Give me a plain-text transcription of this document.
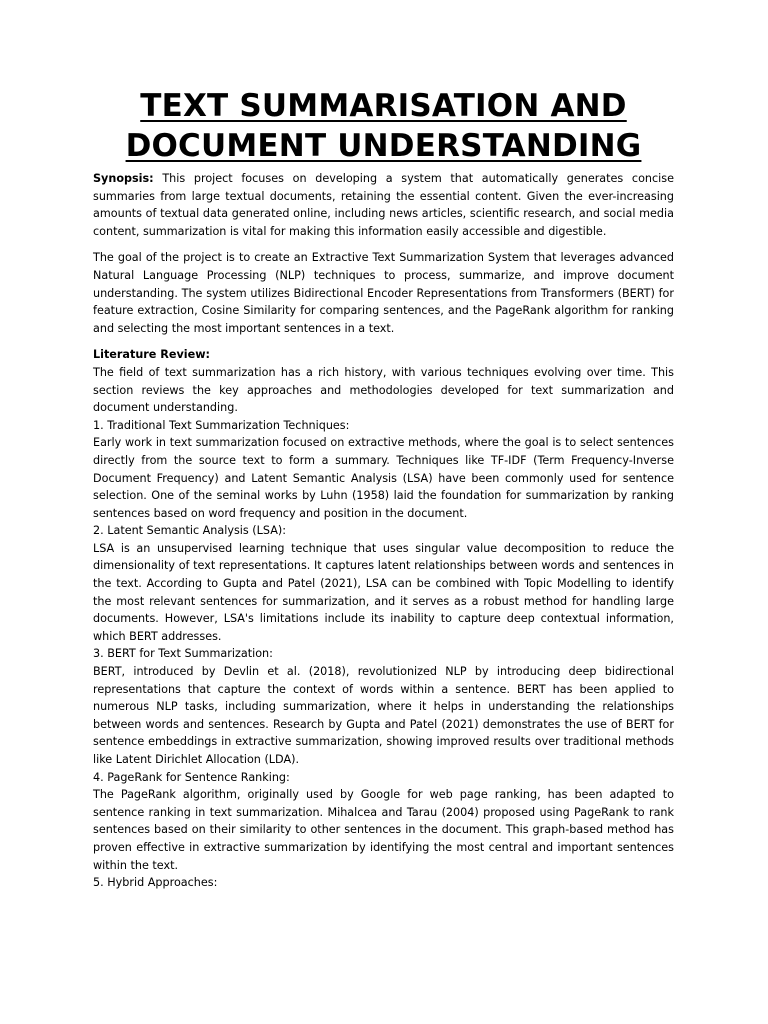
TEXT SUMMARISATION AND DOCUMENT UNDERSTANDING

Synopsis: This project focuses on developing a system that automatically generates concise summaries from large textual documents, retaining the essential content. Given the ever-increasing amounts of textual data generated online, including news articles, scientific research, and social media content, summarization is vital for making this information easily accessible and digestible.

The goal of the project is to create an Extractive Text Summarization System that leverages advanced Natural Language Processing (NLP) techniques to process, summarize, and improve document understanding. The system utilizes Bidirectional Encoder Representations from Transformers (BERT) for feature extraction, Cosine Similarity for comparing sentences, and the PageRank algorithm for ranking and selecting the most important sentences in a text.

Literature Review:

The field of text summarization has a rich history, with various techniques evolving over time. This section reviews the key approaches and methodologies developed for text summarization and document understanding.

1. Traditional Text Summarization Techniques:

Early work in text summarization focused on extractive methods, where the goal is to select sentences directly from the source text to form a summary. Techniques like TF-IDF (Term Frequency-Inverse Document Frequency) and Latent Semantic Analysis (LSA) have been commonly used for sentence selection. One of the seminal works by Luhn (1958) laid the foundation for summarization by ranking sentences based on word frequency and position in the document.

2. Latent Semantic Analysis (LSA):

LSA is an unsupervised learning technique that uses singular value decomposition to reduce the dimensionality of text representations. It captures latent relationships between words and sentences in the text. According to Gupta and Patel (2021), LSA can be combined with Topic Modelling to identify the most relevant sentences for summarization, and it serves as a robust method for handling large documents. However, LSA's limitations include its inability to capture deep contextual information, which BERT addresses.

3. BERT for Text Summarization:

BERT, introduced by Devlin et al. (2018), revolutionized NLP by introducing deep bidirectional representations that capture the context of words within a sentence. BERT has been applied to numerous NLP tasks, including summarization, where it helps in understanding the relationships between words and sentences. Research by Gupta and Patel (2021) demonstrates the use of BERT for sentence embeddings in extractive summarization, showing improved results over traditional methods like Latent Dirichlet Allocation (LDA).

4. PageRank for Sentence Ranking:

The PageRank algorithm, originally used by Google for web page ranking, has been adapted to sentence ranking in text summarization. Mihalcea and Tarau (2004) proposed using PageRank to rank sentences based on their similarity to other sentences in the document. This graph-based method has proven effective in extractive summarization by identifying the most central and important sentences within the text.

5. Hybrid Approaches:
